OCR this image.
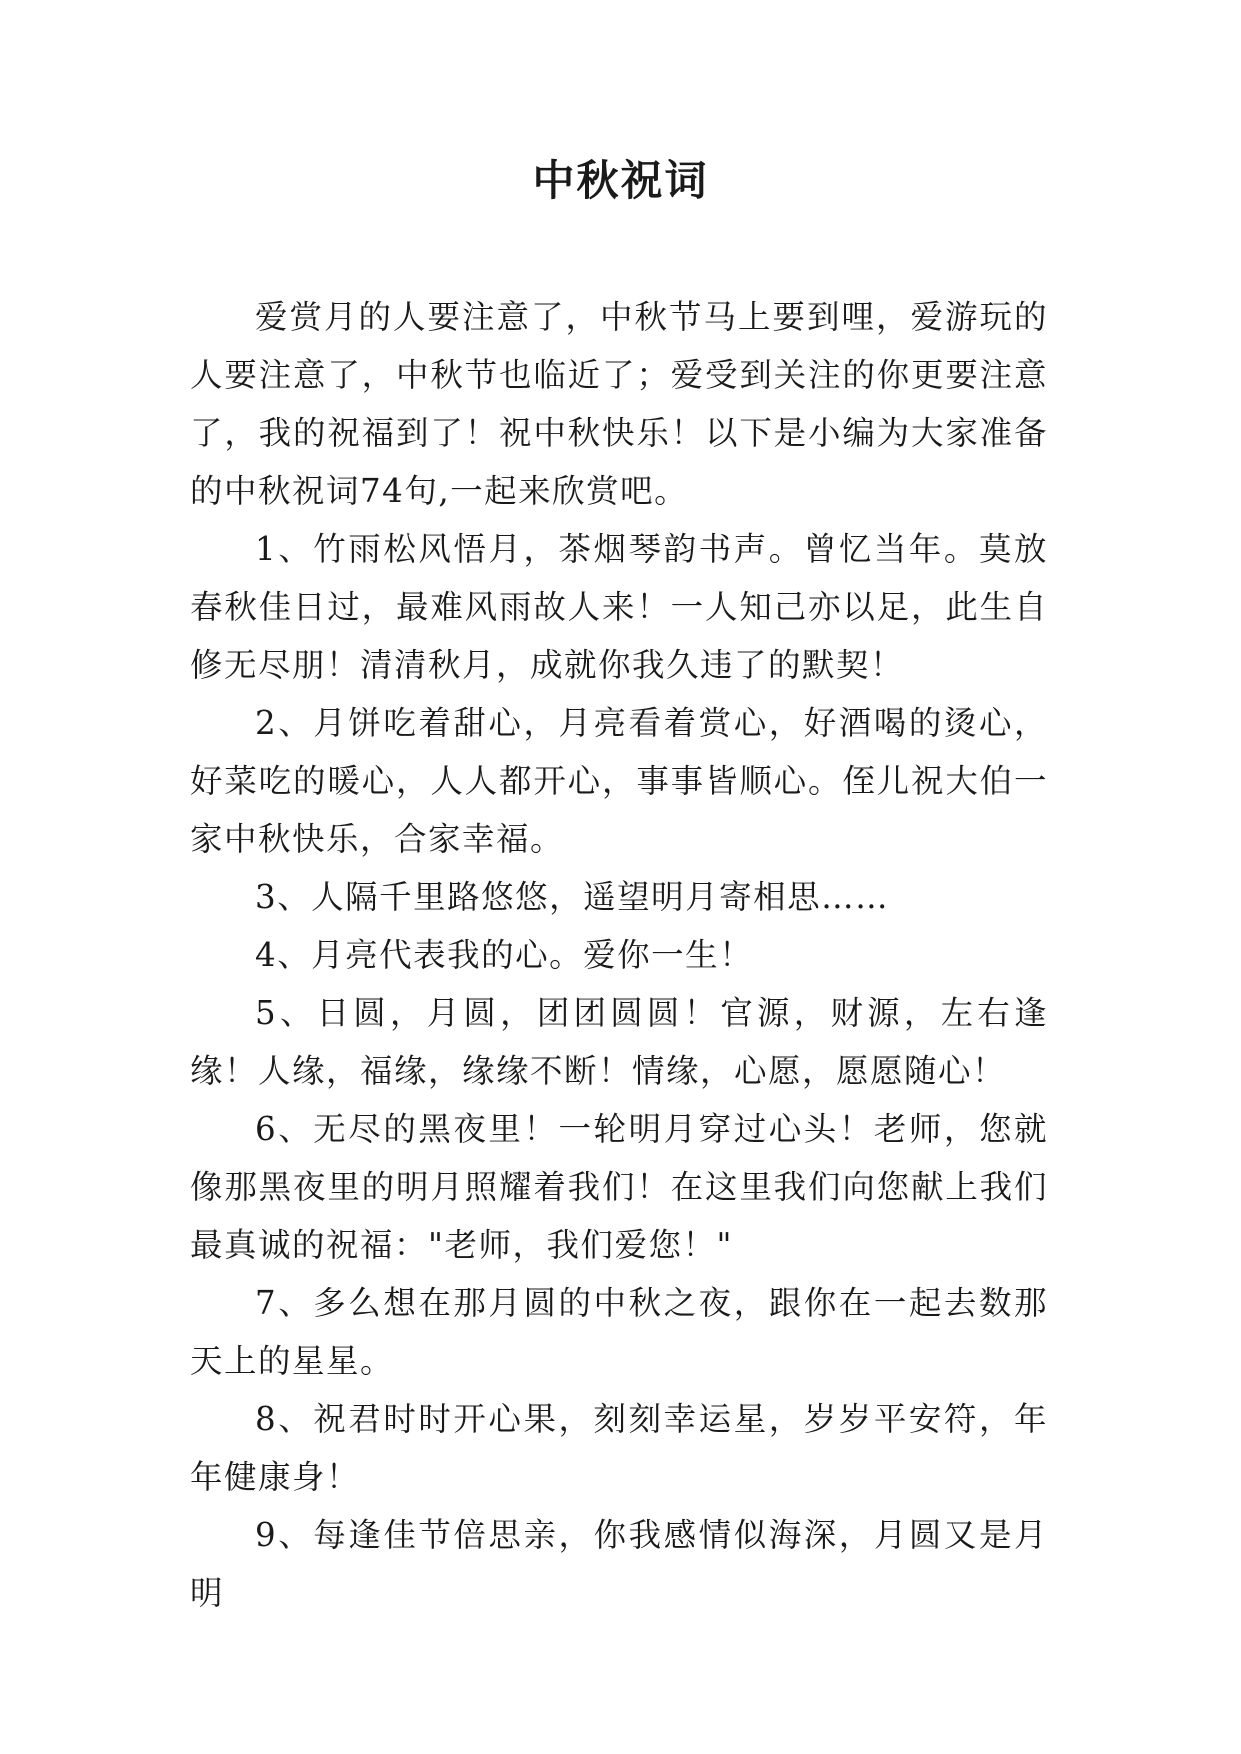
中秋祝词

爱赏月的人要注意了，中秋节马上要到哩，爱游玩的人要注意了，中秋节也临近了；爱受到关注的你更要注意了，我的祝福到了！祝中秋快乐！以下是小编为大家准备的中秋祝词74句,一起来欣赏吧。

1、竹雨松风悟月，茶烟琴韵书声。曾忆当年。莫放春秋佳日过，最难风雨故人来！一人知己亦以足，此生自修无尽朋！清清秋月，成就你我久违了的默契！

2、月饼吃着甜心，月亮看着赏心，好酒喝的烫心，好菜吃的暖心，人人都开心，事事皆顺心。侄儿祝大伯一家中秋快乐，合家幸福。

3、人隔千里路悠悠，遥望明月寄相思……

4、月亮代表我的心。爱你一生！

5、日圆，月圆，团团圆圆！官源，财源，左右逢缘！人缘，福缘，缘缘不断！情缘，心愿，愿愿随心！

6、无尽的黑夜里！一轮明月穿过心头！老师，您就像那黑夜里的明月照耀着我们！在这里我们向您献上我们最真诚的祝福："老师，我们爱您！"

7、多么想在那月圆的中秋之夜，跟你在一起去数那天上的星星。

8、祝君时时开心果，刻刻幸运星，岁岁平安符，年年健康身！

9、每逢佳节倍思亲，你我感情似海深，月圆又是月明
